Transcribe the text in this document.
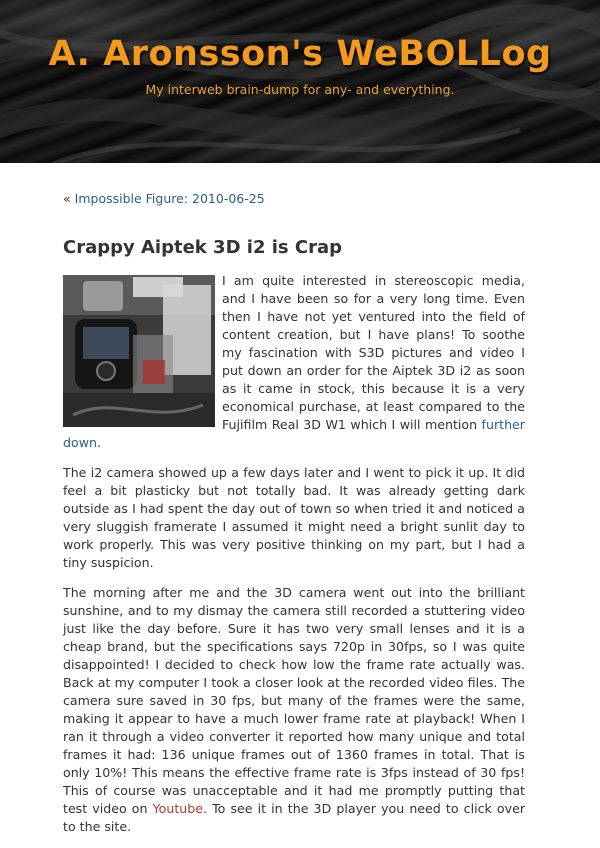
A. Aronsson's WeBOLLog
My interweb brain-dump for any- and everything.
« Impossible Figure: 2010-06-25
Crappy Aiptek 3D i2 is Crap

I am quite interested in stereoscopic media, and I have been so for a very long time. Even then I have not yet ventured into the field of content creation, but I have plans! To soothe my fascination with S3D pictures and video I put down an order for the Aiptek 3D i2 as soon as it came in stock, this because it is a very economical purchase, at least compared to the Fujifilm Real 3D W1 which I will mention further down.

The i2 camera showed up a few days later and I went to pick it up. It did feel a bit plasticky but not totally bad. It was already getting dark outside as I had spent the day out of town so when tried it and noticed a very sluggish framerate I assumed it might need a bright sunlit day to work properly. This was very positive thinking on my part, but I had a tiny suspicion.

The morning after me and the 3D camera went out into the brilliant sunshine, and to my dismay the camera still recorded a stuttering video just like the day before. Sure it has two very small lenses and it is a cheap brand, but the specifications says 720p in 30fps, so I was quite disappointed! I decided to check how low the frame rate actually was. Back at my computer I took a closer look at the recorded video files. The camera sure saved in 30 fps, but many of the frames were the same, making it appear to have a much lower frame rate at playback! When I ran it through a video converter it reported how many unique and total frames it had: 136 unique frames out of 1360 frames in total. That is only 10%! This means the effective frame rate is 3fps instead of 30 fps! This of course was unacceptable and it had me promptly putting that test video on Youtube. To see it in the 3D player you need to click over to the site.
